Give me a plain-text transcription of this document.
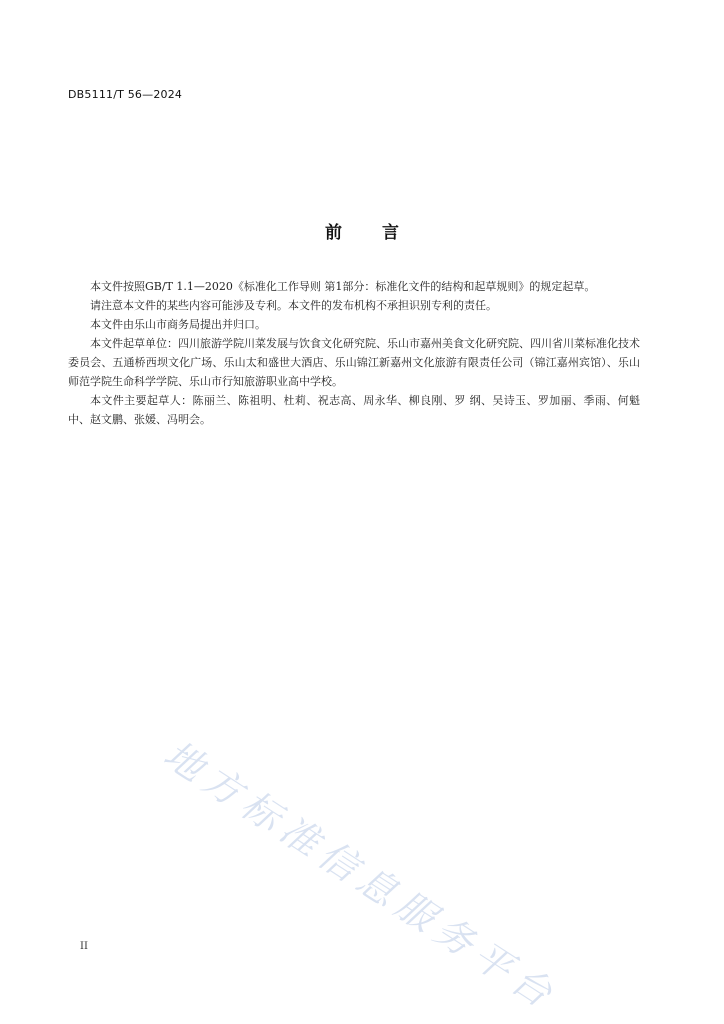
DB5111/T 56—2024
前言

本文件按照GB/T 1.1—2020《标准化工作导则 第1部分：标准化文件的结构和起草规则》的规定起草。

请注意本文件的某些内容可能涉及专利。本文件的发布机构不承担识别专利的责任。

本文件由乐山市商务局提出并归口。

本文件起草单位：四川旅游学院川菜发展与饮食文化研究院、乐山市嘉州美食文化研究院、四川省川菜标准化技术委员会、五通桥西坝文化广场、乐山太和盛世大酒店、乐山锦江新嘉州文化旅游有限责任公司（锦江嘉州宾馆）、乐山师范学院生命科学学院、乐山市行知旅游职业高中学校。

本文件主要起草人：陈丽兰、陈祖明、杜莉、祝志高、周永华、柳良刚、罗 纲、吴诗玉、罗加丽、季雨、何魁中、赵文鹏、张媛、冯明会。

地方标准信息服务平台
II
